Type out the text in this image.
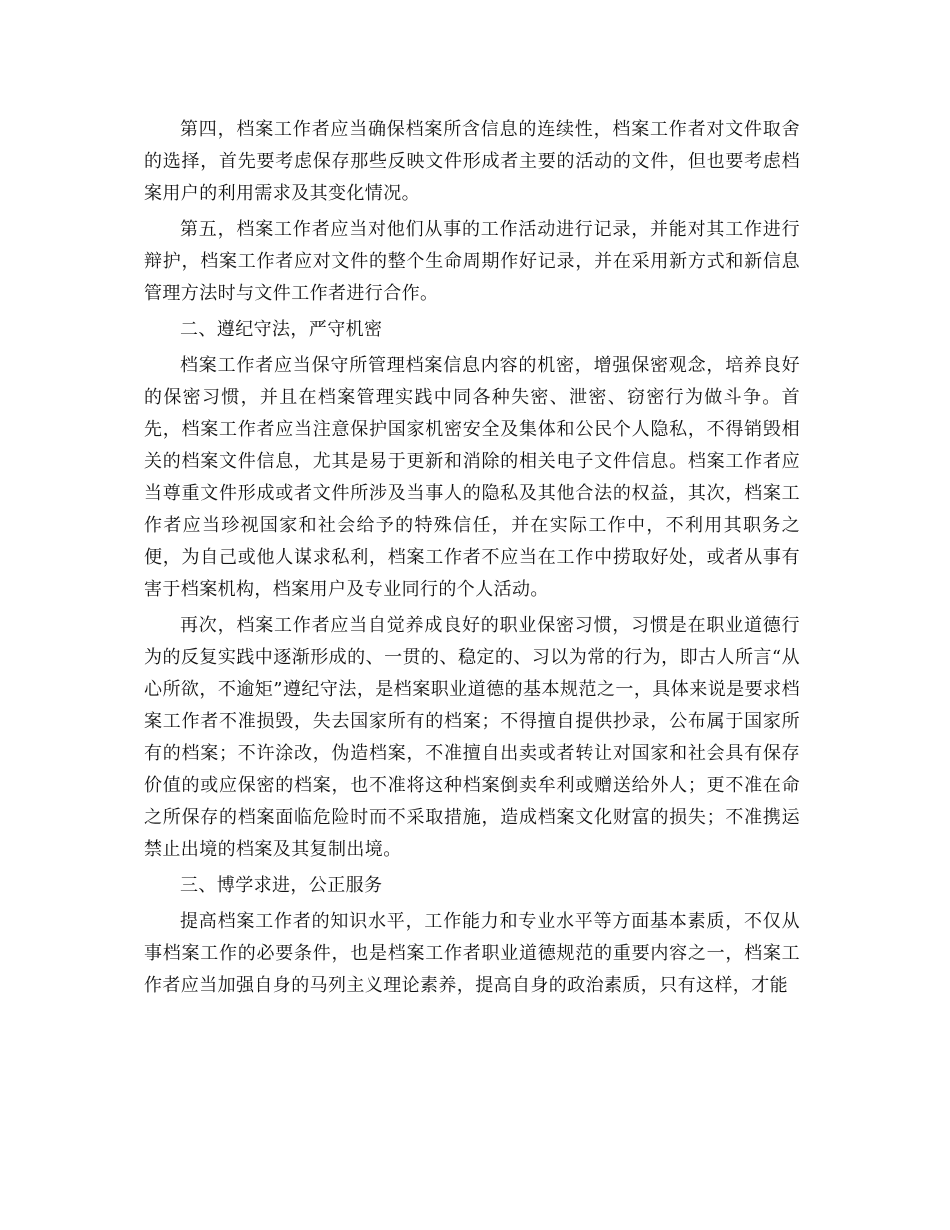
第四，档案工作者应当确保档案所含信息的连续性，档案工作者对文件取舍的选择，首先要考虑保存那些反映文件形成者主要的活动的文件，但也要考虑档案用户的利用需求及其变化情况。

第五，档案工作者应当对他们从事的工作活动进行记录，并能对其工作进行辩护，档案工作者应对文件的整个生命周期作好记录，并在采用新方式和新信息管理方法时与文件工作者进行合作。

二、遵纪守法，严守机密

档案工作者应当保守所管理档案信息内容的机密，增强保密观念，培养良好的保密习惯，并且在档案管理实践中同各种失密、泄密、窃密行为做斗争。首先，档案工作者应当注意保护国家机密安全及集体和公民个人隐私，不得销毁相关的档案文件信息，尤其是易于更新和消除的相关电子文件信息。档案工作者应当尊重文件形成或者文件所涉及当事人的隐私及其他合法的权益，其次，档案工作者应当珍视国家和社会给予的特殊信任，并在实际工作中，不利用其职务之便，为自己或他人谋求私利，档案工作者不应当在工作中捞取好处，或者从事有害于档案机构，档案用户及专业同行的个人活动。

再次，档案工作者应当自觉养成良好的职业保密习惯，习惯是在职业道德行为的反复实践中逐渐形成的、一贯的、稳定的、习以为常的行为，即古人所言“从心所欲，不逾矩”遵纪守法，是档案职业道德的基本规范之一，具体来说是要求档案工作者不准损毁，失去国家所有的档案；不得擅自提供抄录，公布属于国家所有的档案；不许涂改，伪造档案，不准擅自出卖或者转让对国家和社会具有保存价值的或应保密的档案，也不准将这种档案倒卖牟利或赠送给外人；更不准在命之所保存的档案面临危险时而不采取措施，造成档案文化财富的损失；不准携运禁止出境的档案及其复制出境。

三、博学求进，公正服务

提高档案工作者的知识水平，工作能力和专业水平等方面基本素质，不仅从事档案工作的必要条件，也是档案工作者职业道德规范的重要内容之一，档案工作者应当加强自身的马列主义理论素养，提高自身的政治素质，只有这样，才能
